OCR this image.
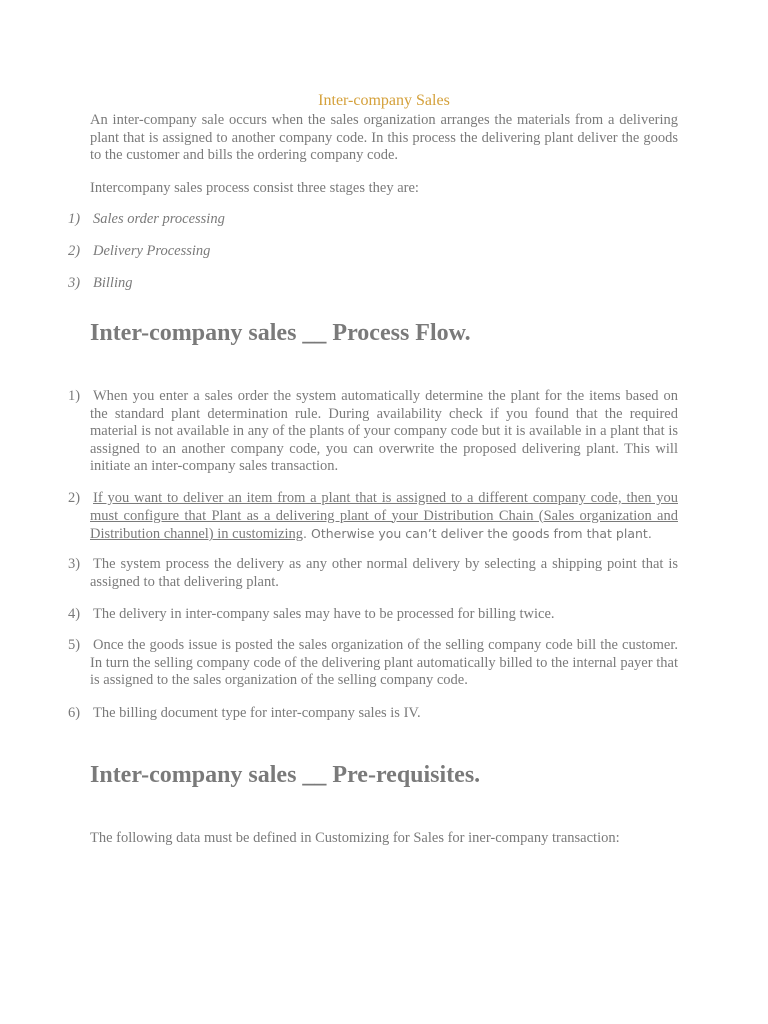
Inter-company Sales

An inter-company sale occurs when the sales organization arranges the materials from a delivering plant that is assigned to another company code. In this process the delivering plant deliver the goods to the customer and bills the ordering company code.

Intercompany sales process consist three stages they are:

1) Sales order processing
2) Delivery Processing
3) Billing
Inter-company sales __ Process Flow.
1) When you enter a sales order the system automatically determine the plant for the items based on the standard plant determination rule. During availability check if you found that the required material is not available in any of the plants of your company code but it is available in a plant that is assigned to an another company code, you can overwrite the proposed delivering plant. This will initiate an inter-company sales transaction.
2) If you want to deliver an item from a plant that is assigned to a different company code, then you must configure that Plant as a delivering plant of your Distribution Chain (Sales organization and Distribution channel) in customizing. Otherwise you can’t deliver the goods from that plant.
3) The system process the delivery as any other normal delivery by selecting a shipping point that is assigned to that delivering plant.
4) The delivery in inter-company sales may have to be processed for billing twice.
5) Once the goods issue is posted the sales organization of the selling company code bill the customer. In turn the selling company code of the delivering plant automatically billed to the internal payer that is assigned to the sales organization of the selling company code.
6) The billing document type for inter-company sales is IV.
Inter-company sales __ Pre-requisites.

The following data must be defined in Customizing for Sales for iner-company transaction:
